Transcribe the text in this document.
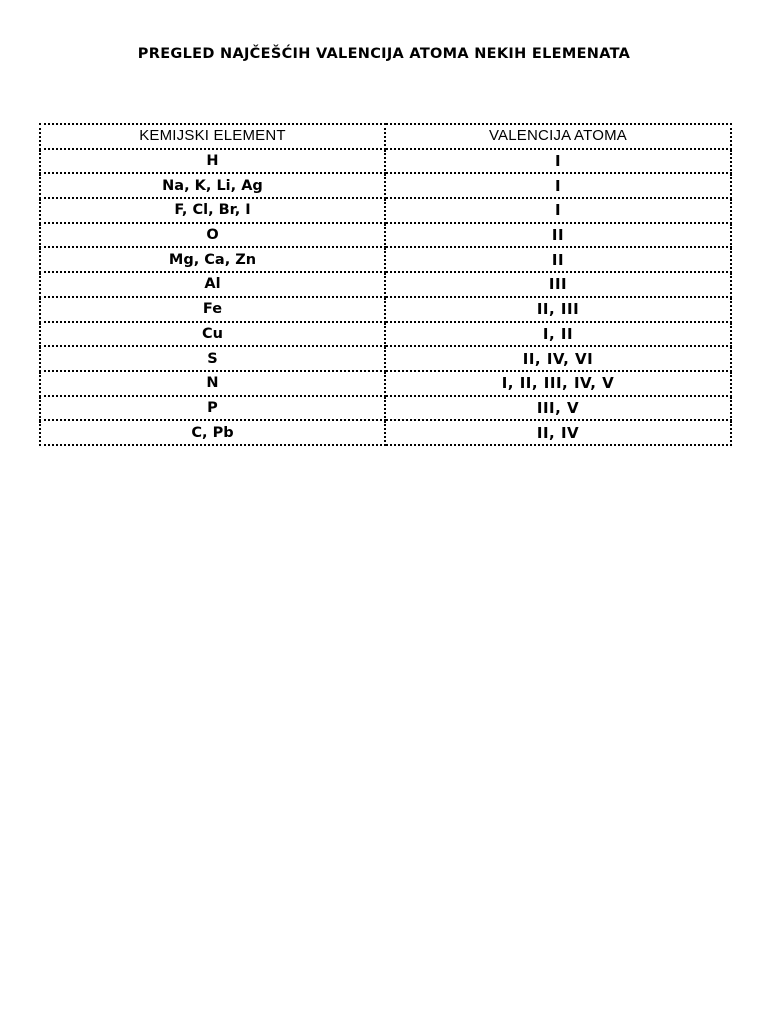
PREGLED NAJČEŠĆIH VALENCIJA ATOMA NEKIH ELEMENATA
KEMIJSKI ELEMENT	VALENCIJA ATOMA
H	I
Na, K, Li, Ag	I
F, Cl, Br, I	I
O	II
Mg, Ca, Zn	II
Al	III
Fe	II, III
Cu	I, II
S	II, IV, VI
N	I, II, III, IV, V
P	III, V
C, Pb	II, IV
